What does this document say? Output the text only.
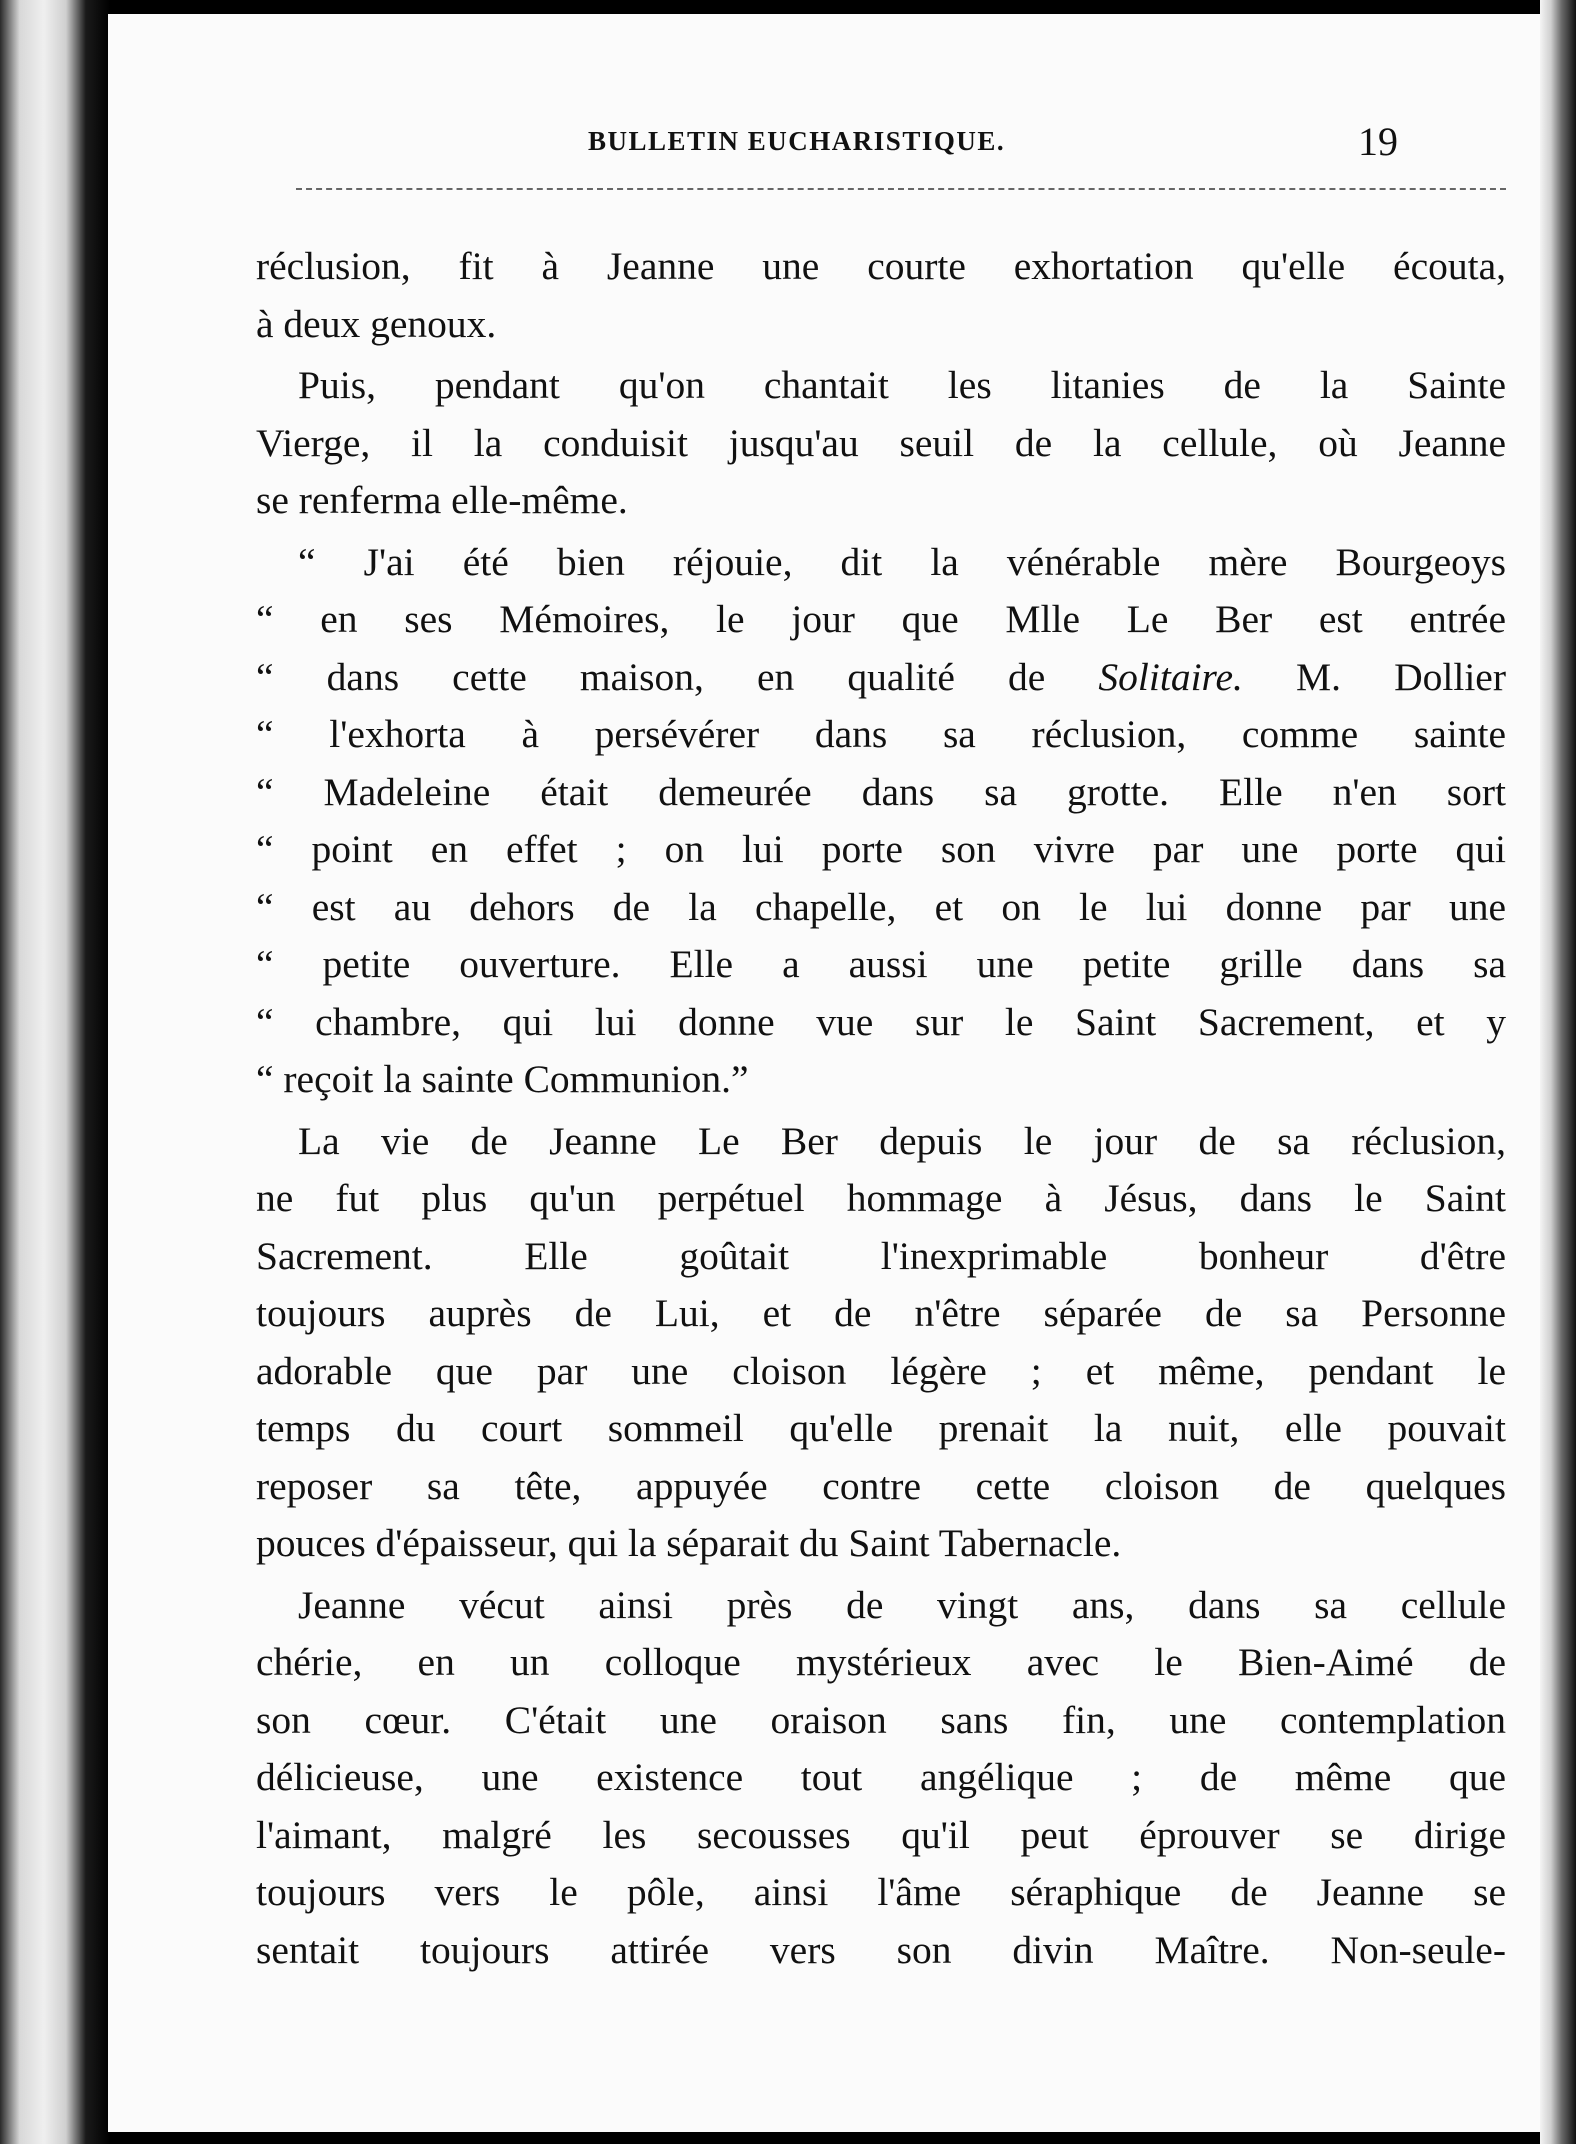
BULLETIN EUCHARISTIQUE.	19

réclusion, fit à Jeanne une courte exhortation qu'elle écouta,
à deux genoux.

Puis, pendant qu'on chantait les litanies de la Sainte
Vierge, il la conduisit jusqu'au seuil de la cellule, où Jeanne
se renferma elle-même.

“ J'ai été bien réjouie, dit la vénérable mère Bourgeoys
“ en ses Mémoires, le jour que Mlle Le Ber est entrée
“ dans cette maison, en qualité de Solitaire. M. Dollier
“ l'exhorta à persévérer dans sa réclusion, comme sainte
“ Madeleine était demeurée dans sa grotte. Elle n'en sort
“ point en effet ; on lui porte son vivre par une porte qui
“ est au dehors de la chapelle, et on le lui donne par une
“ petite ouverture. Elle a aussi une petite grille dans sa
“ chambre, qui lui donne vue sur le Saint Sacrement, et y
“ reçoit la sainte Communion.”

La vie de Jeanne Le Ber depuis le jour de sa réclusion,
ne fut plus qu'un perpétuel hommage à Jésus, dans le Saint
Sacrement. Elle goûtait l'inexprimable bonheur d'être
toujours auprès de Lui, et de n'être séparée de sa Personne
adorable que par une cloison légère ; et même, pendant le
temps du court sommeil qu'elle prenait la nuit, elle pouvait
reposer sa tête, appuyée contre cette cloison de quelques
pouces d'épaisseur, qui la séparait du Saint Tabernacle.

Jeanne vécut ainsi près de vingt ans, dans sa cellule
chérie, en un colloque mystérieux avec le Bien-Aimé de
son cœur. C'était une oraison sans fin, une contemplation
délicieuse, une existence tout angélique ; de même que
l'aimant, malgré les secousses qu'il peut éprouver se dirige
toujours vers le pôle, ainsi l'âme séraphique de Jeanne se
sentait toujours attirée vers son divin Maître. Non-seule-
